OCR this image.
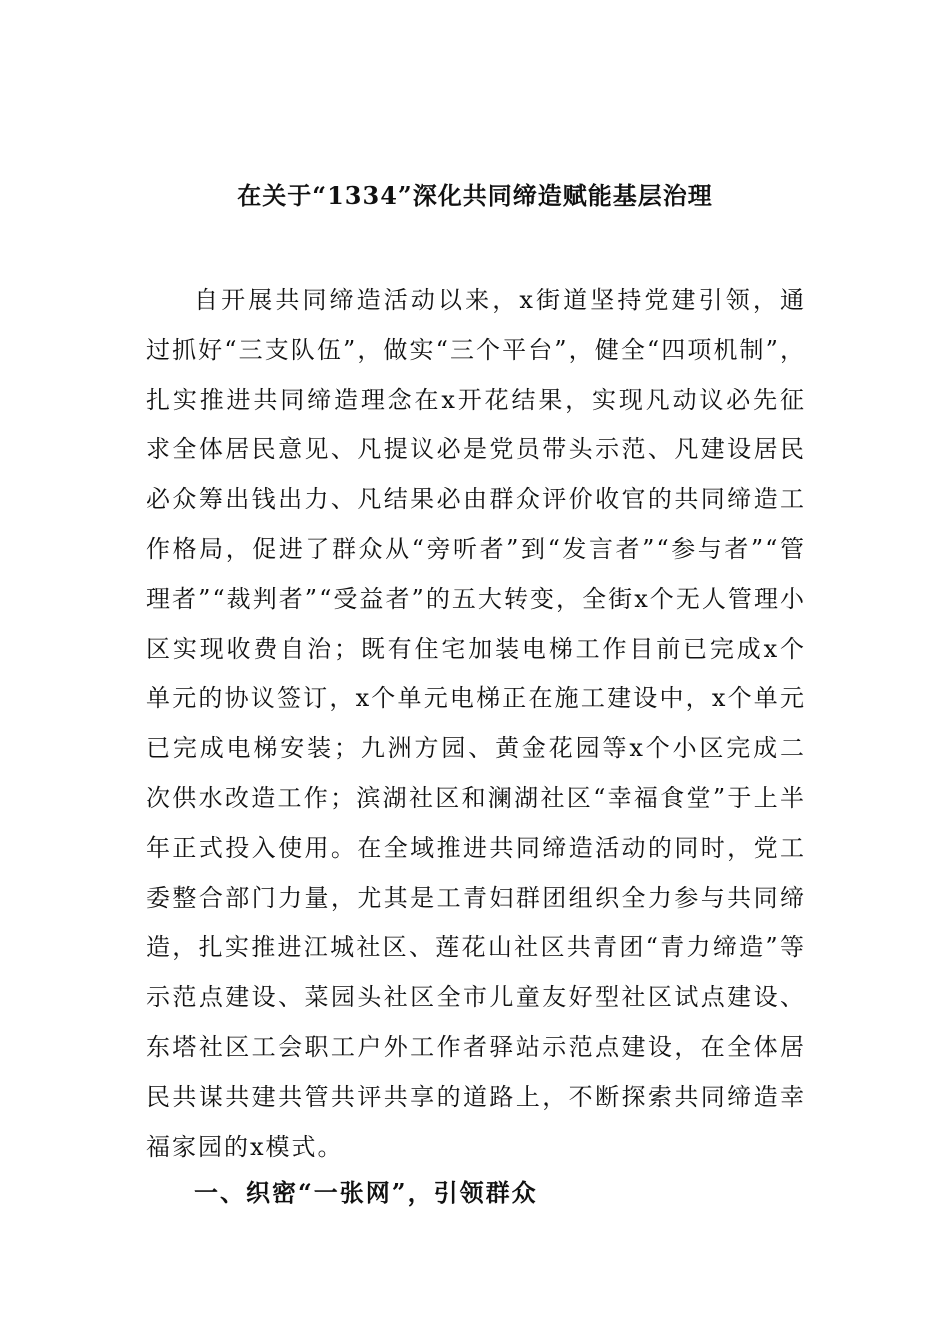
在关于“1334”深化共同缔造赋能基层治理

自开展共同缔造活动以来，x街道坚持党建引领，通过抓好“三支队伍”，做实“三个平台”，健全“四项机制”，扎实推进共同缔造理念在x开花结果，实现凡动议必先征求全体居民意见、凡提议必是党员带头示范、凡建设居民必众筹出钱出力、凡结果必由群众评价收官的共同缔造工作格局，促进了群众从“旁听者”到“发言者”“参与者”“管理者”“裁判者”“受益者”的五大转变，全街x个无人管理小区实现收费自治；既有住宅加装电梯工作目前已完成x个单元的协议签订，x个单元电梯正在施工建设中，x个单元已完成电梯安装；九洲方园、黄金花园等x个小区完成二次供水改造工作；滨湖社区和澜湖社区“幸福食堂”于上半年正式投入使用。在全域推进共同缔造活动的同时，党工委整合部门力量，尤其是工青妇群团组织全力参与共同缔造，扎实推进江城社区、莲花山社区共青团“青力缔造”等示范点建设、菜园头社区全市儿童友好型社区试点建设、东塔社区工会职工户外工作者驿站示范点建设，在全体居民共谋共建共管共评共享的道路上，不断探索共同缔造幸福家园的x模式。

一、织密“一张网”，引领群众
